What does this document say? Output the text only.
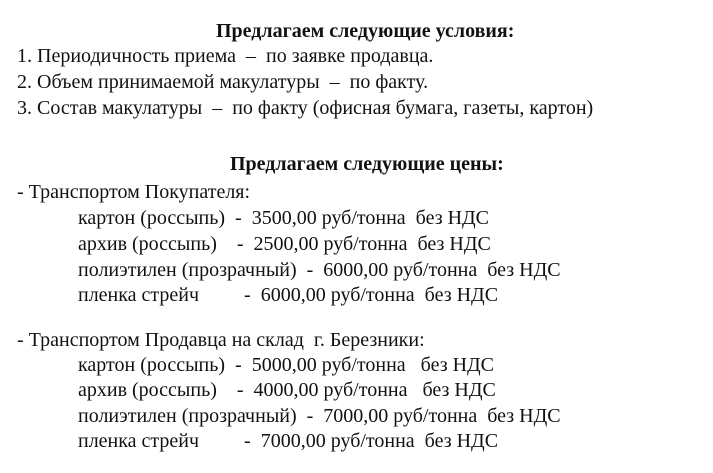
Предлагаем следующие условия:
1. Периодичность приема  –  по заявке продавца.
2. Объем принимаемой макулатуры  –  по факту.
3. Состав макулатуры  –  по факту (офисная бумага, газеты, картон)
Предлагаем следующие цены:
- Транспортом Покупателя:
картон (россыпь)  -  3500,00 руб/тонна  без НДС
архив (россыпь)    -  2500,00 руб/тонна  без НДС
полиэтилен (прозрачный)  -  6000,00 руб/тонна  без НДС
пленка стрейч         -  6000,00 руб/тонна  без НДС
- Транспортом Продавца на склад  г. Березники:
картон (россыпь)  -  5000,00 руб/тонна   без НДС
архив (россыпь)    -  4000,00 руб/тонна   без НДС
полиэтилен (прозрачный)  -  7000,00 руб/тонна  без НДС
пленка стрейч         -  7000,00 руб/тонна  без НДС
